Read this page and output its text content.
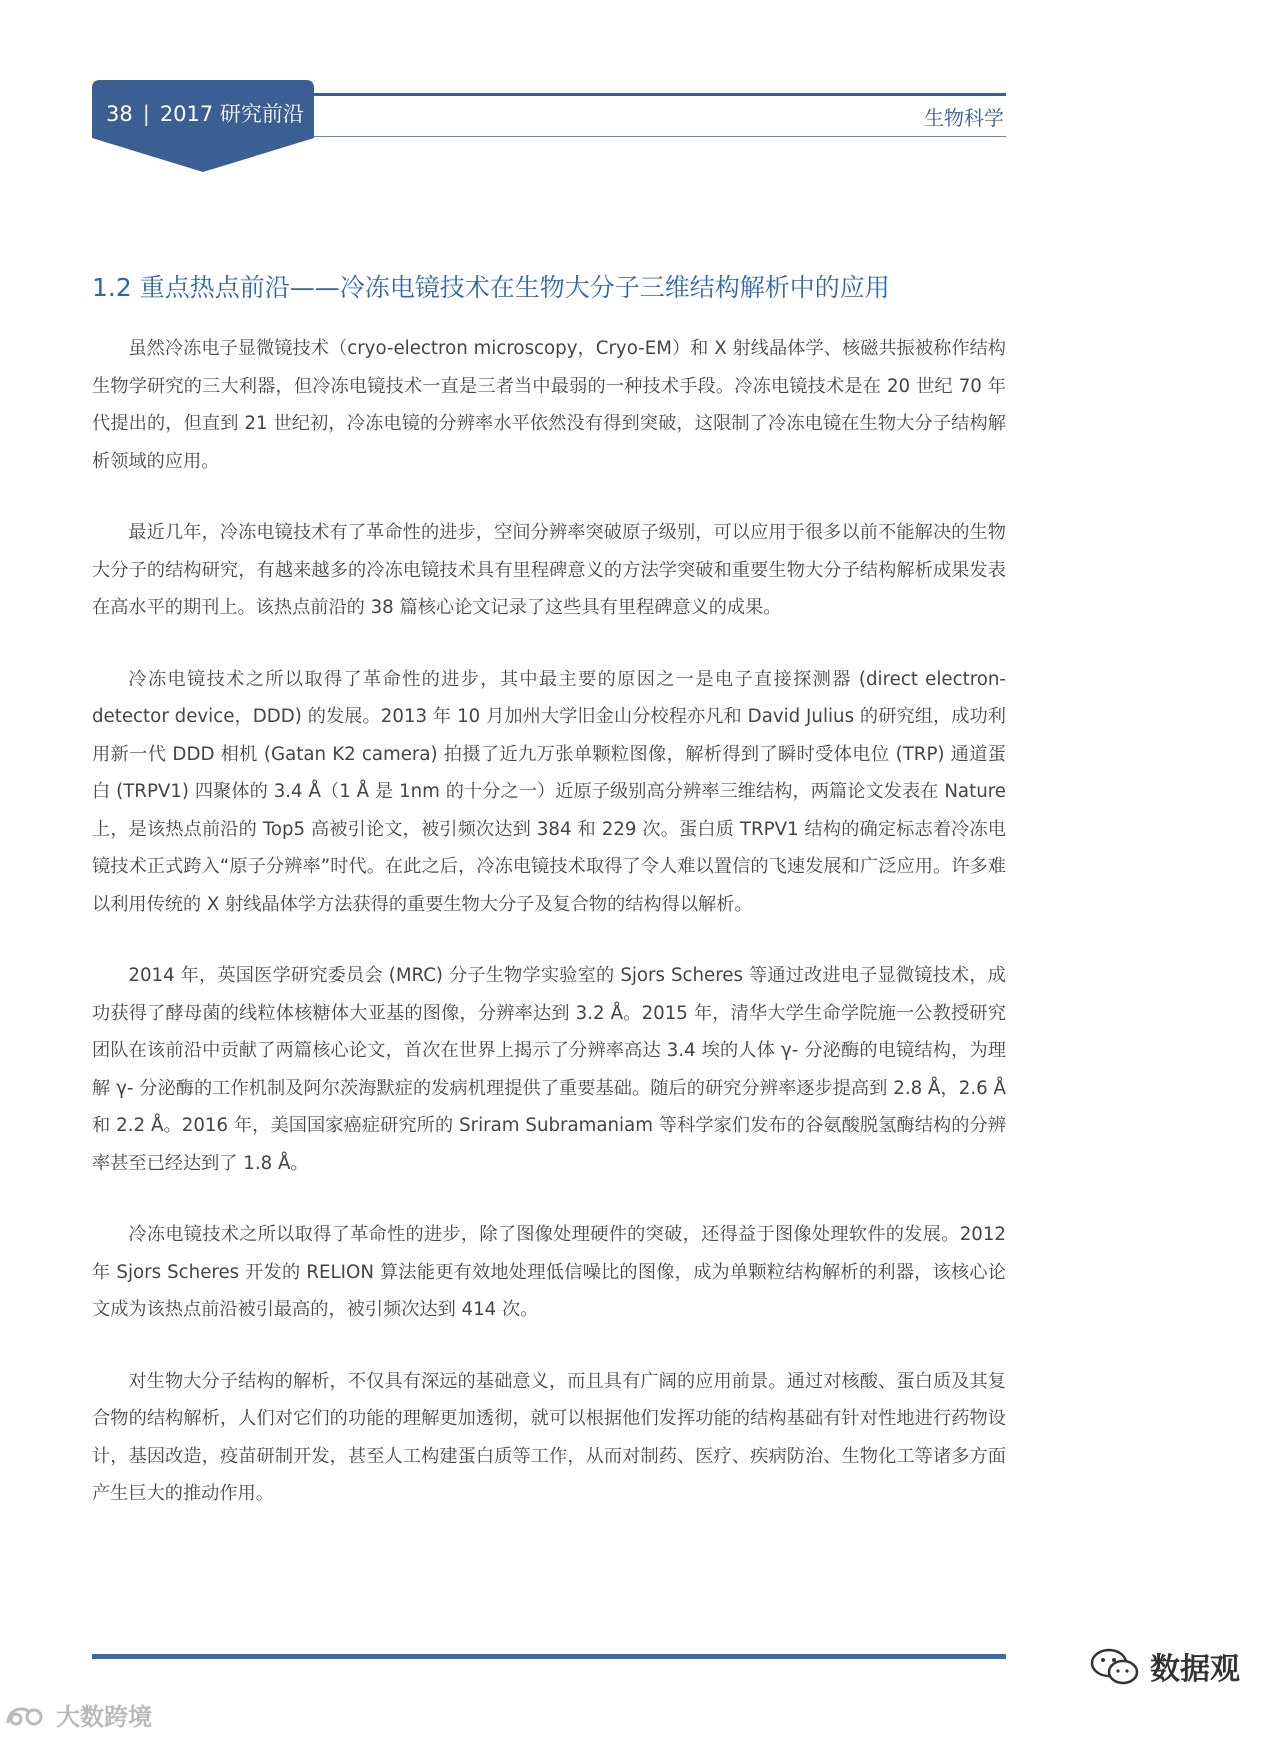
38 | 2017 研究前沿	生物科学
1.2 重点热点前沿——冷冻电镜技术在生物大分子三维结构解析中的应用

虽然冷冻电子显微镜技术（cryo-electron microscopy，Cryo-EM）和 X 射线晶体学、核磁共振被称作结构生物学研究的三大利器，但冷冻电镜技术一直是三者当中最弱的一种技术手段。冷冻电镜技术是在 20 世纪 70 年代提出的，但直到 21 世纪初，冷冻电镜的分辨率水平依然没有得到突破，这限制了冷冻电镜在生物大分子结构解析领域的应用。

最近几年，冷冻电镜技术有了革命性的进步，空间分辨率突破原子级别，可以应用于很多以前不能解决的生物大分子的结构研究，有越来越多的冷冻电镜技术具有里程碑意义的方法学突破和重要生物大分子结构解析成果发表在高水平的期刊上。该热点前沿的 38 篇核心论文记录了这些具有里程碑意义的成果。

冷冻电镜技术之所以取得了革命性的进步，其中最主要的原因之一是电子直接探测器 (direct electron-detector device，DDD) 的发展。2013 年 10 月加州大学旧金山分校程亦凡和 David Julius 的研究组，成功利用新一代 DDD 相机 (Gatan K2 camera) 拍摄了近九万张单颗粒图像，解析得到了瞬时受体电位 (TRP) 通道蛋白 (TRPV1) 四聚体的 3.4 Å（1 Å 是 1nm 的十分之一）近原子级别高分辨率三维结构，两篇论文发表在 Nature 上，是该热点前沿的 Top5 高被引论文，被引频次达到 384 和 229 次。蛋白质 TRPV1 结构的确定标志着冷冻电镜技术正式跨入“原子分辨率”时代。在此之后，冷冻电镜技术取得了令人难以置信的飞速发展和广泛应用。许多难以利用传统的 X 射线晶体学方法获得的重要生物大分子及复合物的结构得以解析。

2014 年，英国医学研究委员会 (MRC) 分子生物学实验室的 Sjors Scheres 等通过改进电子显微镜技术，成功获得了酵母菌的线粒体核糖体大亚基的图像，分辨率达到 3.2 Å。2015 年，清华大学生命学院施一公教授研究团队在该前沿中贡献了两篇核心论文，首次在世界上揭示了分辨率高达 3.4 埃的人体 γ- 分泌酶的电镜结构，为理解 γ- 分泌酶的工作机制及阿尔茨海默症的发病机理提供了重要基础。随后的研究分辨率逐步提高到 2.8 Å，2.6 Å 和 2.2 Å。2016 年，美国国家癌症研究所的 Sriram Subramaniam 等科学家们发布的谷氨酸脱氢酶结构的分辨率甚至已经达到了 1.8 Å。

冷冻电镜技术之所以取得了革命性的进步，除了图像处理硬件的突破，还得益于图像处理软件的发展。2012 年 Sjors Scheres 开发的 RELION 算法能更有效地处理低信噪比的图像，成为单颗粒结构解析的利器，该核心论文成为该热点前沿被引最高的，被引频次达到 414 次。

对生物大分子结构的解析，不仅具有深远的基础意义，而且具有广阔的应用前景。通过对核酸、蛋白质及其复合物的结构解析，人们对它们的功能的理解更加透彻，就可以根据他们发挥功能的结构基础有针对性地进行药物设计，基因改造，疫苗研制开发，甚至人工构建蛋白质等工作，从而对制药、医疗、疾病防治、生物化工等诸多方面产生巨大的推动作用。

数据观
大数跨境
